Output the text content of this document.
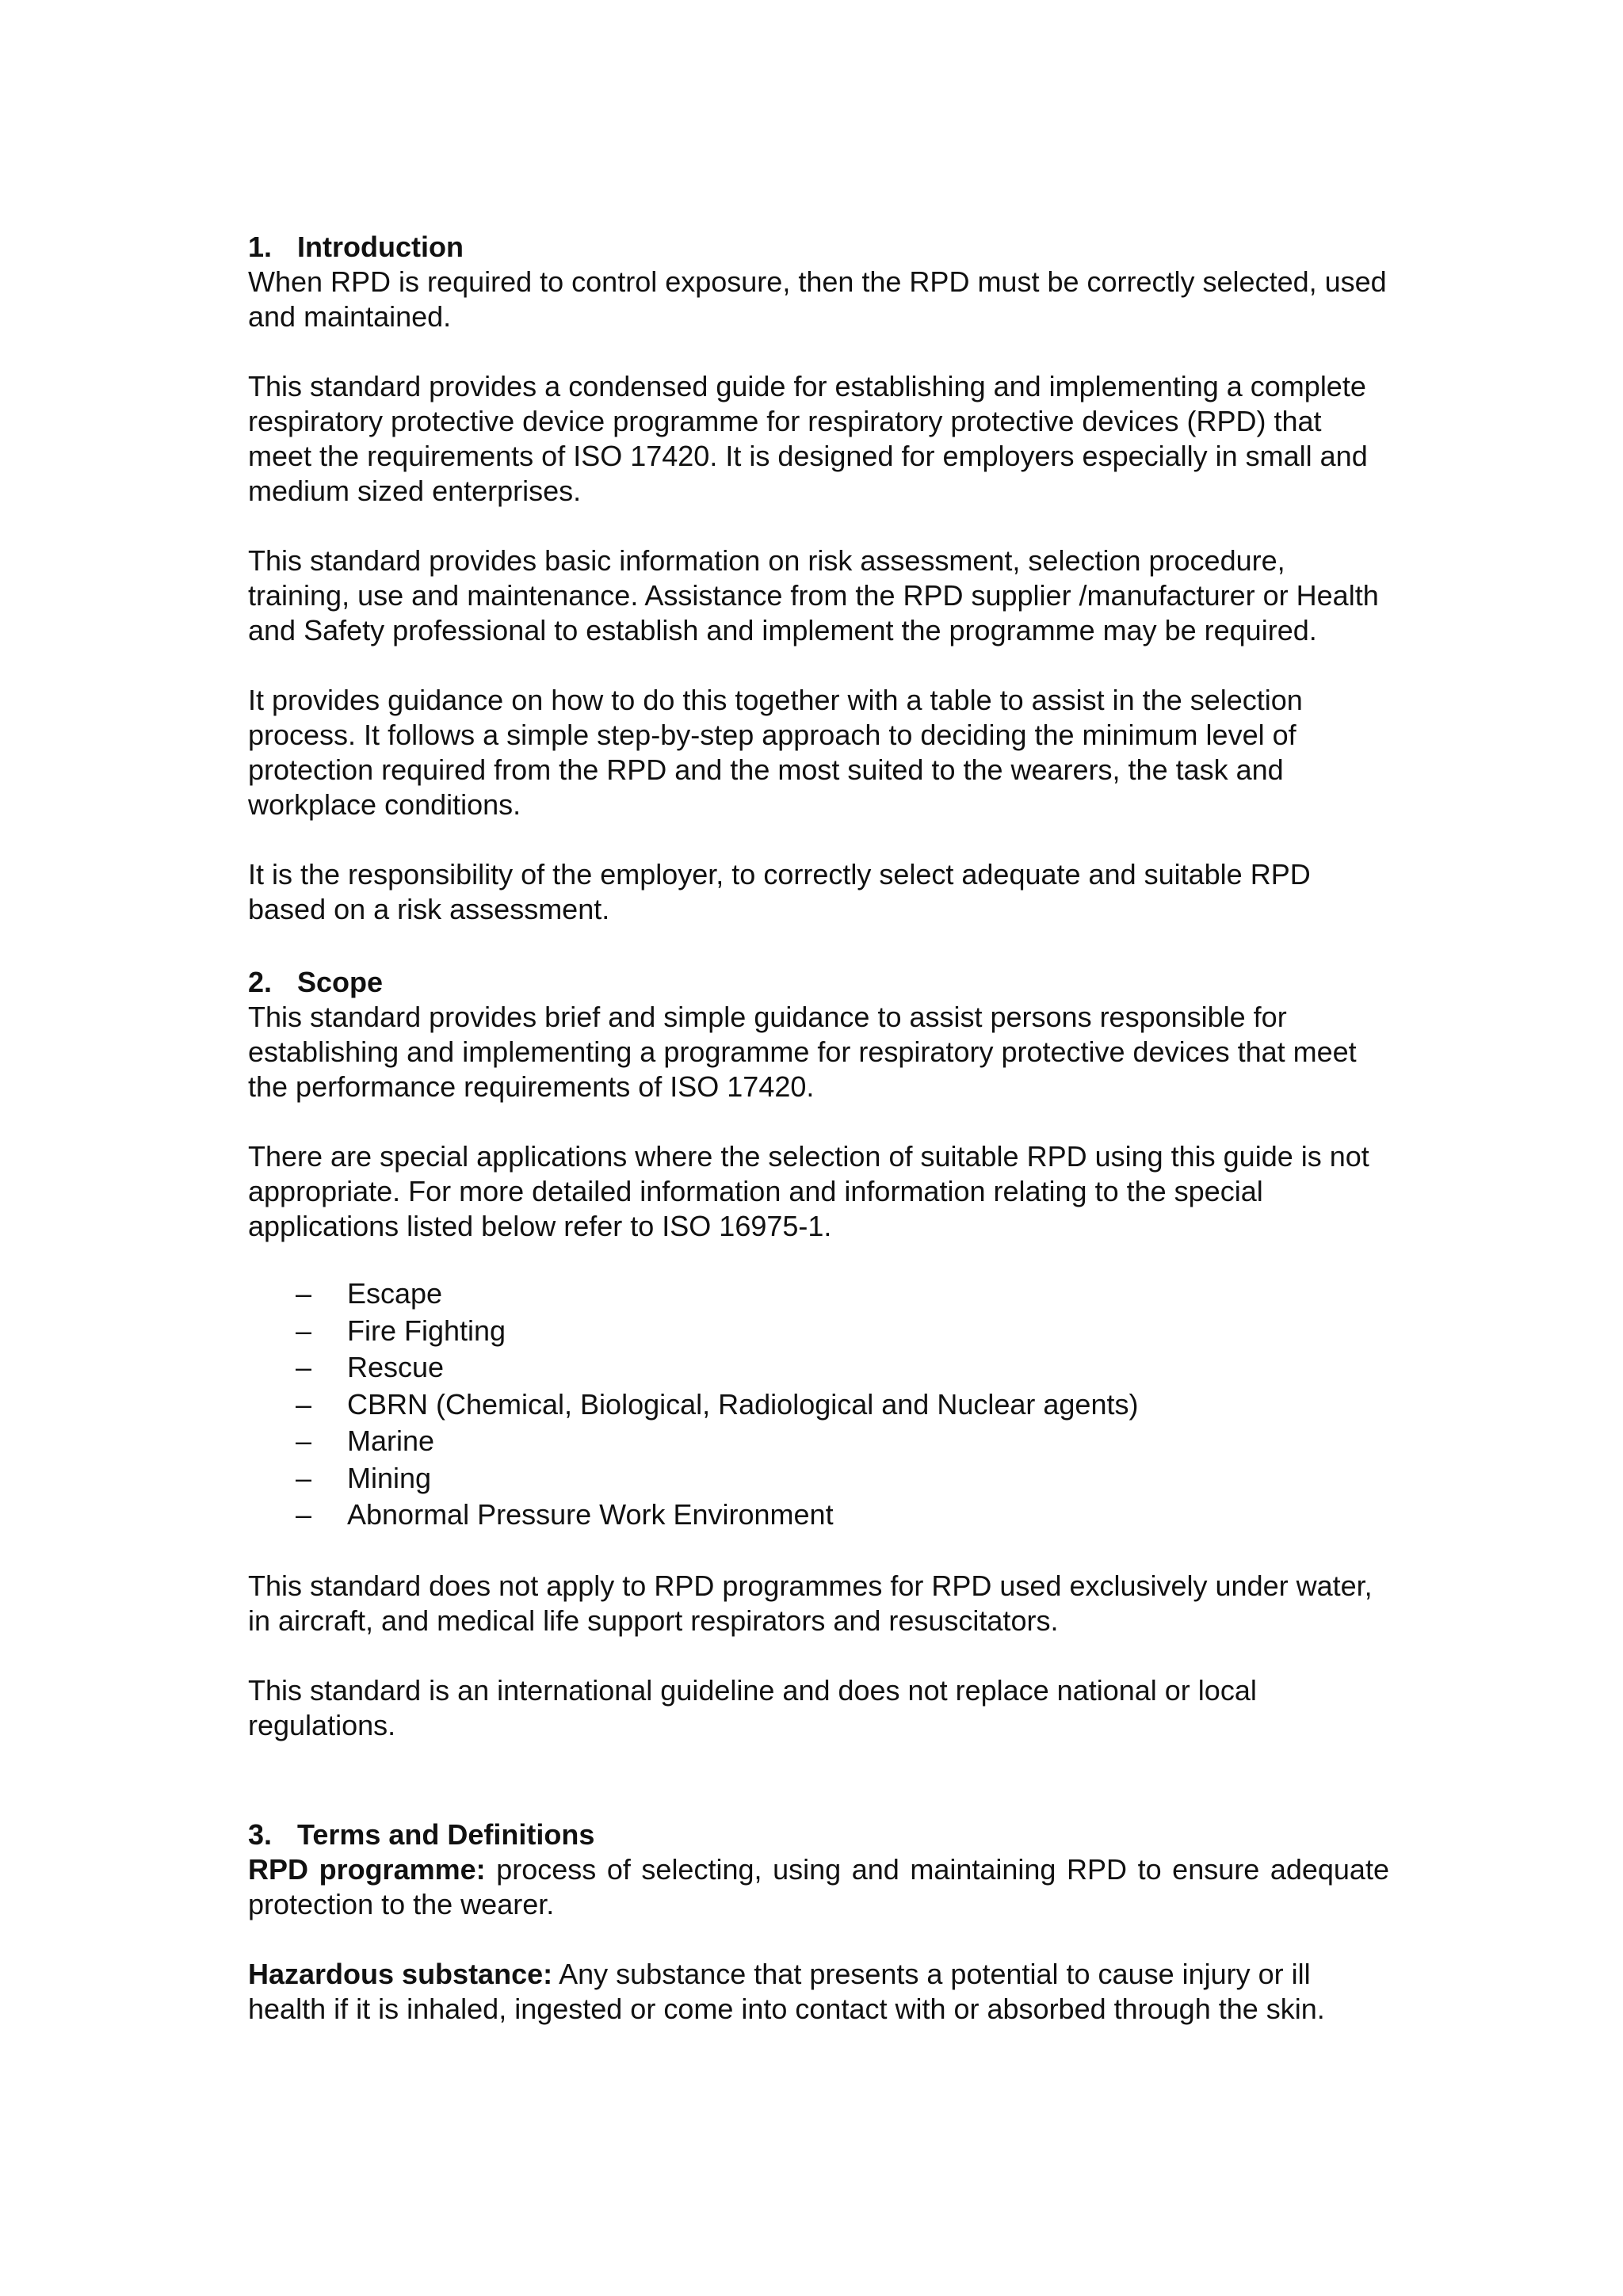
1. Introduction

When RPD is required to control exposure, then the RPD must be correctly selected, used and maintained.

This standard provides a condensed guide for establishing and implementing a complete respiratory protective device programme for respiratory protective devices (RPD) that meet the requirements of ISO 17420. It is designed for employers especially in small and medium sized enterprises.

This standard provides basic information on risk assessment, selection procedure, training, use and maintenance. Assistance from the RPD supplier /manufacturer or Health and Safety professional to establish and implement the programme may be required.

It provides guidance on how to do this together with a table to assist in the selection process. It follows a simple step-by-step approach to deciding the minimum level of protection required from the RPD and the most suited to the wearers, the task and workplace conditions.

It is the responsibility of the employer, to correctly select adequate and suitable RPD based on a risk assessment.

2. Scope

This standard provides brief and simple guidance to assist persons responsible for establishing and implementing a programme for respiratory protective devices that meet the performance requirements of ISO 17420.

There are special applications where the selection of suitable RPD using this guide is not appropriate. For more detailed information and information relating to the special applications listed below refer to ISO 16975-1.

– Escape
– Fire Fighting
– Rescue
– CBRN (Chemical, Biological, Radiological and Nuclear agents)
– Marine
– Mining
– Abnormal Pressure Work Environment

This standard does not apply to RPD programmes for RPD used exclusively under water, in aircraft, and medical life support respirators and resuscitators.

This standard is an international guideline and does not replace national or local regulations.

3. Terms and Definitions

RPD programme: process of selecting, using and maintaining RPD to ensure adequate protection to the wearer.

Hazardous substance: Any substance that presents a potential to cause injury or ill health if it is inhaled, ingested or come into contact with or absorbed through the skin.
